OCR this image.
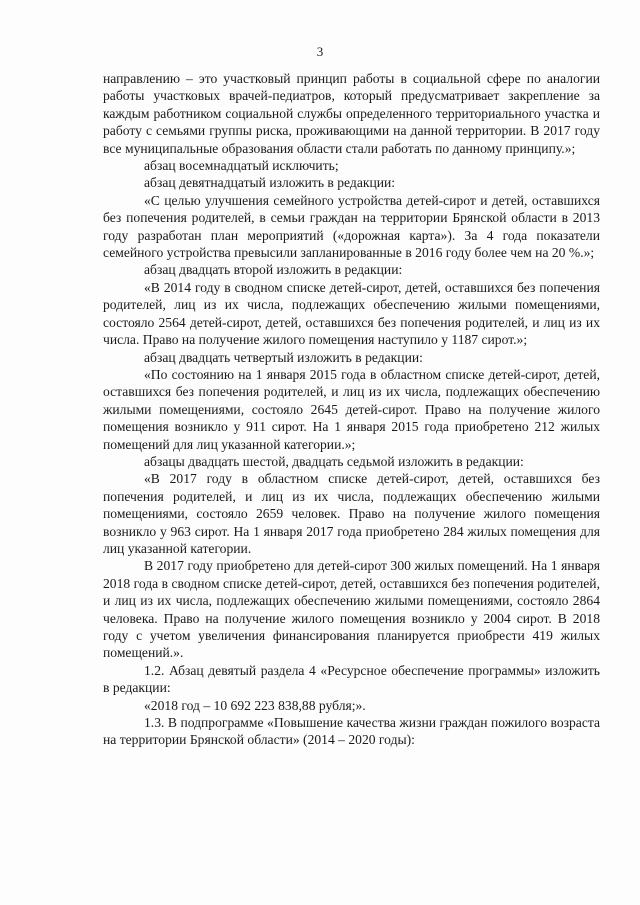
3

направлению – это участковый принцип работы в социальной сфере по аналогии работы участковых врачей-педиатров, который предусматривает закрепление за каждым работником социальной службы определенного территориального участка и работу с семьями группы риска, проживающими на данной территории. В 2017 году все муниципальные образования области стали работать по данному принципу.»;

абзац восемнадцатый исключить;

абзац девятнадцатый изложить в редакции:

«С целью улучшения семейного устройства детей-сирот и детей, оставшихся без попечения родителей, в семьи граждан на территории Брянской области в 2013 году разработан план мероприятий («дорожная карта»). За 4 года показатели семейного устройства превысили запланированные в 2016 году более чем на 20 %.»;

абзац двадцать второй изложить в редакции:

«В 2014 году в сводном списке детей-сирот, детей, оставшихся без попечения родителей, лиц из их числа, подлежащих обеспечению жилыми помещениями, состояло 2564 детей-сирот, детей, оставшихся без попечения родителей, и лиц из их числа. Право на получение жилого помещения наступило у 1187 сирот.»;

абзац двадцать четвертый изложить в редакции:

«По состоянию на 1 января 2015 года в областном списке детей-сирот, детей, оставшихся без попечения родителей, и лиц из их числа, подлежащих обеспечению жилыми помещениями, состояло 2645 детей-сирот. Право на получение жилого помещения возникло у 911 сирот. На 1 января 2015 года приобретено 212 жилых помещений для лиц указанной категории.»;

абзацы двадцать шестой, двадцать седьмой изложить в редакции:

«В 2017 году в областном списке детей-сирот, детей, оставшихся без попечения родителей, и лиц из их числа, подлежащих обеспечению жилыми помещениями, состояло 2659 человек. Право на получение жилого помещения возникло у 963 сирот. На 1 января 2017 года приобретено 284 жилых помещения для лиц указанной категории.

В 2017 году приобретено для детей-сирот 300 жилых помещений. На 1 января 2018 года в сводном списке детей-сирот, детей, оставшихся без попечения родителей, и лиц из их числа, подлежащих обеспечению жилыми помещениями, состояло 2864 человека. Право на получение жилого помещения возникло у 2004 сирот. В 2018 году с учетом увеличения финансирования планируется приобрести 419 жилых помещений.».

1.2. Абзац девятый раздела 4 «Ресурсное обеспечение программы» изложить в редакции:

«2018 год – 10 692 223 838,88 рубля;».

1.3. В подпрограмме «Повышение качества жизни граждан пожилого возраста на территории Брянской области» (2014 – 2020 годы):
